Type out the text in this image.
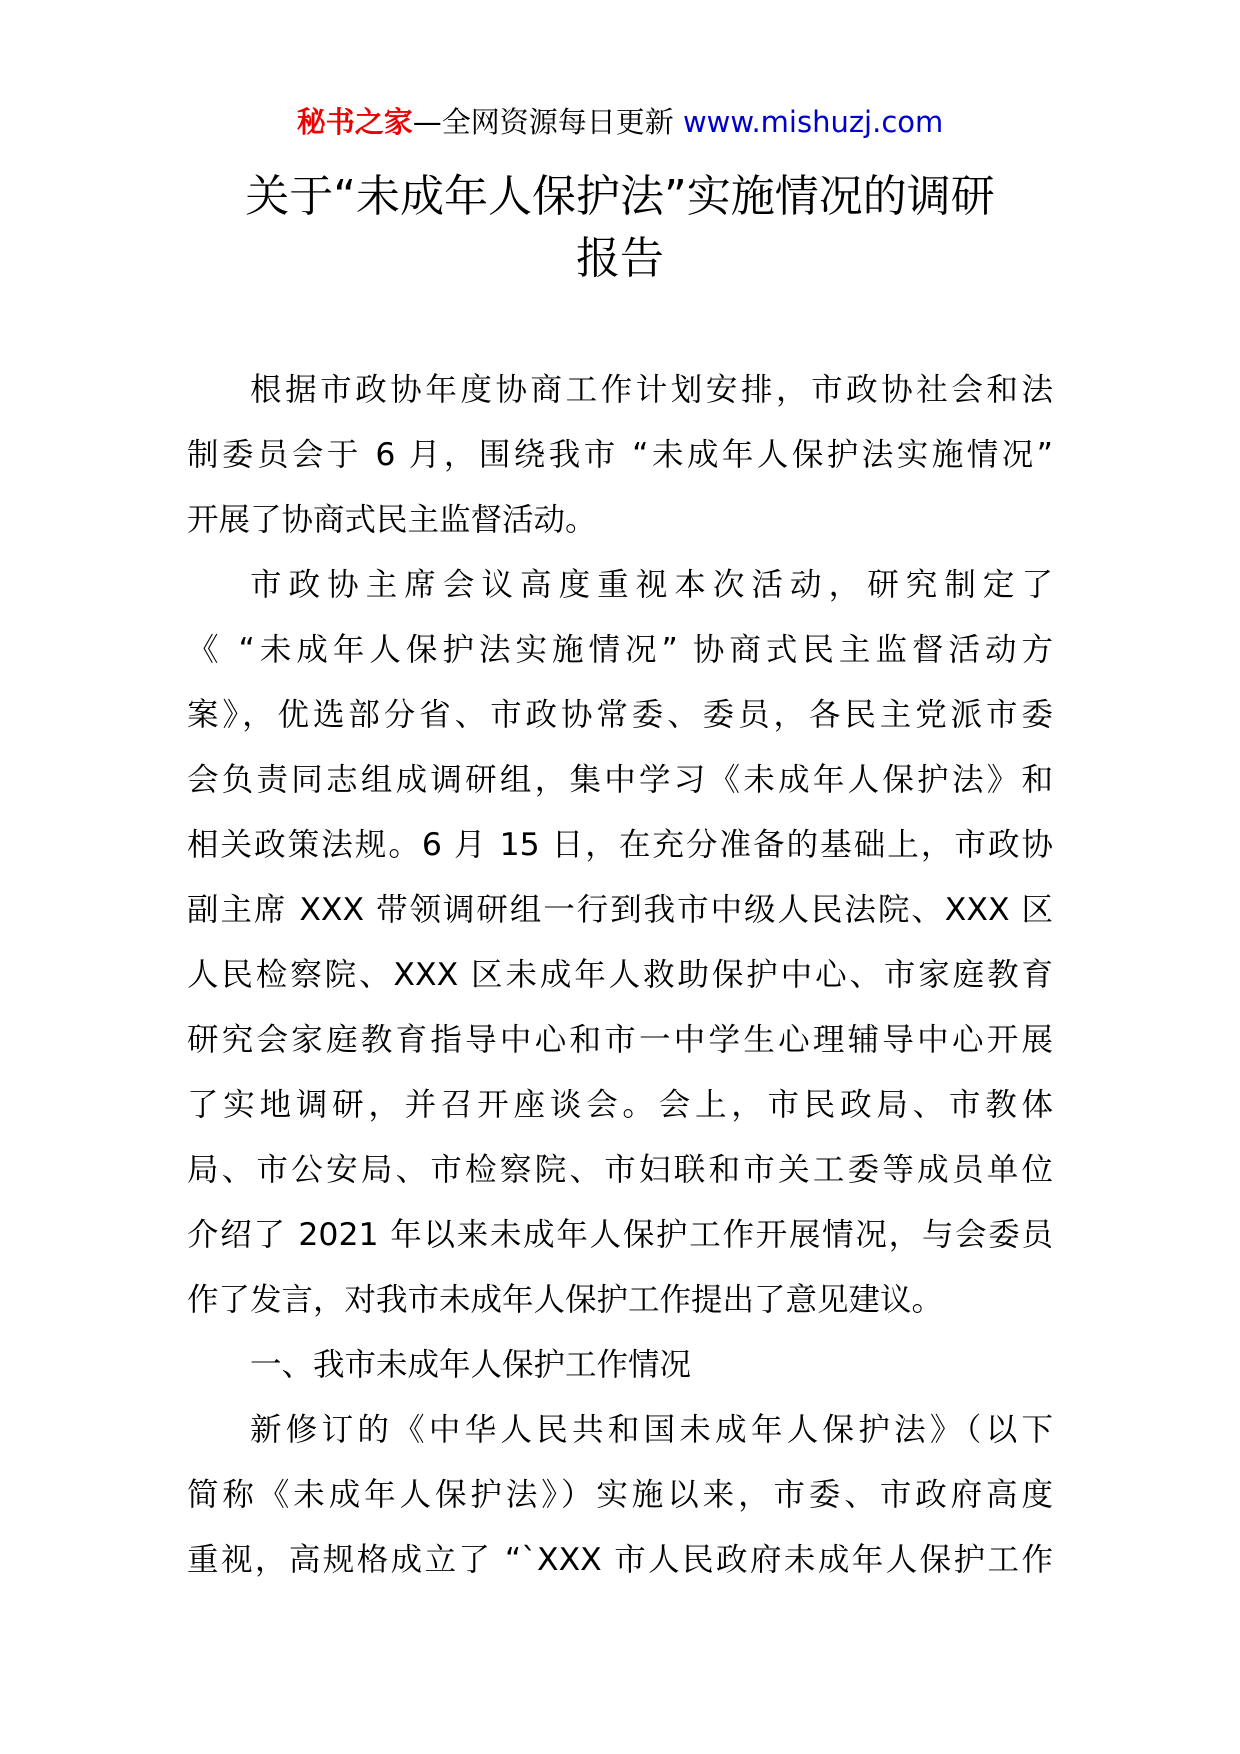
秘书之家—全网资源每日更新 www.mishuzj.com
关于“未成年人保护法”实施情况的调研
报告
根据市政协年度协商工作计划安排，市政协社会和法
制委员会于 6 月，围绕我市 “未成年人保护法实施情况”
开展了协商式民主监督活动。
市政协主席会议高度重视本次活动，研究制定了
《 “未成年人保护法实施情况” 协商式民主监督活动方
案》，优选部分省、市政协常委、委员，各民主党派市委
会负责同志组成调研组，集中学习《未成年人保护法》和
相关政策法规。6 月 15 日，在充分准备的基础上，市政协
副主席 XXX 带领调研组一行到我市中级人民法院、XXX 区
人民检察院、XXX 区未成年人救助保护中心、市家庭教育
研究会家庭教育指导中心和市一中学生心理辅导中心开展
了实地调研，并召开座谈会。会上，市民政局、市教体
局、市公安局、市检察院、市妇联和市关工委等成员单位
介绍了 2021 年以来未成年人保护工作开展情况，与会委员
作了发言，对我市未成年人保护工作提出了意见建议。
一、我市未成年人保护工作情况
新修订的《中华人民共和国未成年人保护法》（以下
简称《未成年人保护法》）实施以来，市委、市政府高度
重视，高规格成立了 “`XXX 市人民政府未成年人保护工作
